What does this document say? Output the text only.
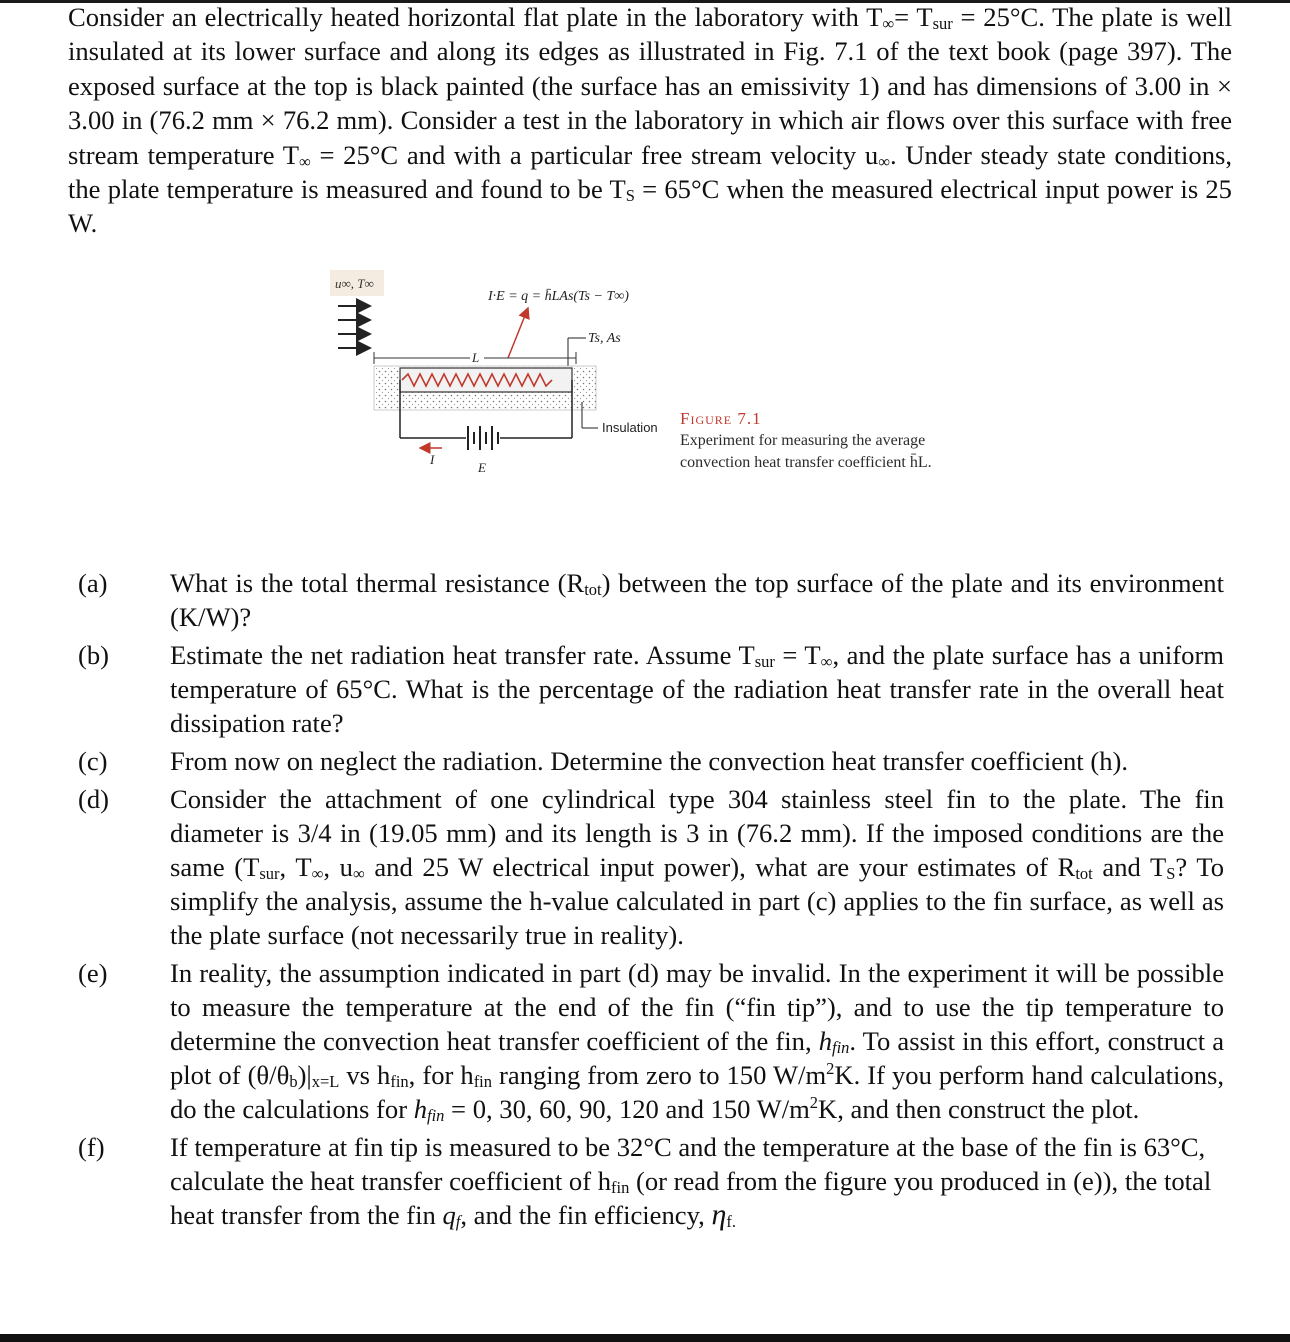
Consider an electrically heated horizontal flat plate in the laboratory with $T_\infty= T_{sur} = 25^\circ C$. The plate is well insulated at its lower surface and along its edges as illustrated in Fig. 7.1 of the text book (page 397). The exposed surface at the top is black painted (the surface has an emissivity 1) and has dimensions of 3.00 in × 3.00 in (76.2 mm × 76.2 mm). Consider a test in the laboratory in which air flows over this surface with free stream temperature $T_\infty = 25^\circ C$ and with a particular free stream velocity $u_\infty$. Under steady state conditions, the plate temperature is measured and found to be $T_S = 65^\circ C$ when the measured electrical input power is 25 W.

u∞, T∞
I·E = q = h̄LAs(Ts − T∞)
Ts, As
L
I
E
Insulation Figure 7.1
Experiment for measuring the average
convection heat transfer coefficient h̄L.
(a) What is the total thermal resistance $(R_{tot})$ between the top surface of the plate and its environment (K/W)?
(b) Estimate the net radiation heat transfer rate. Assume $T_{sur} = T_\infty$, and the plate surface has a uniform temperature of 65°C. What is the percentage of the radiation heat transfer rate in the overall heat dissipation rate?
(c) From now on neglect the radiation. Determine the convection heat transfer coefficient (h).
(d) Consider the attachment of one cylindrical type 304 stainless steel fin to the plate. The fin diameter is 3/4 in (19.05 mm) and its length is 3 in (76.2 mm). If the imposed conditions are the same ($T_{sur}$, $T_\infty$, $u_\infty$ and 25 W electrical input power), what are your estimates of $R_{tot}$ and $T_S$? To simplify the analysis, assume the h-value calculated in part (c) applies to the fin surface, as well as the plate surface (not necessarily true in reality).
(e) In reality, the assumption indicated in part (d) may be invalid. In the experiment it will be possible to measure the temperature at the end of the fin (“fin tip”), and to use the tip temperature to determine the convection heat transfer coefficient of the fin, $h_{fin}$. To assist in this effort, construct a plot of $(\theta/\theta_b)|_{x=L}$ vs $h_{fin}$, for $h_{fin}$ ranging from zero to 150 $W/m^2K$. If you perform hand calculations, do the calculations for $h_{fin} = 0$, 30, 60, 90, 120 and 150 $W/m^2K$, and then construct the plot.
(f) If temperature at fin tip is measured to be 32°C and the temperature at the base of the fin is 63°C, calculate the heat transfer coefficient of $h_{fin}$ (or read from the figure you produced in (e)), the total heat transfer from the fin $q_f$, and the fin efficiency, $\eta_{f.}$
